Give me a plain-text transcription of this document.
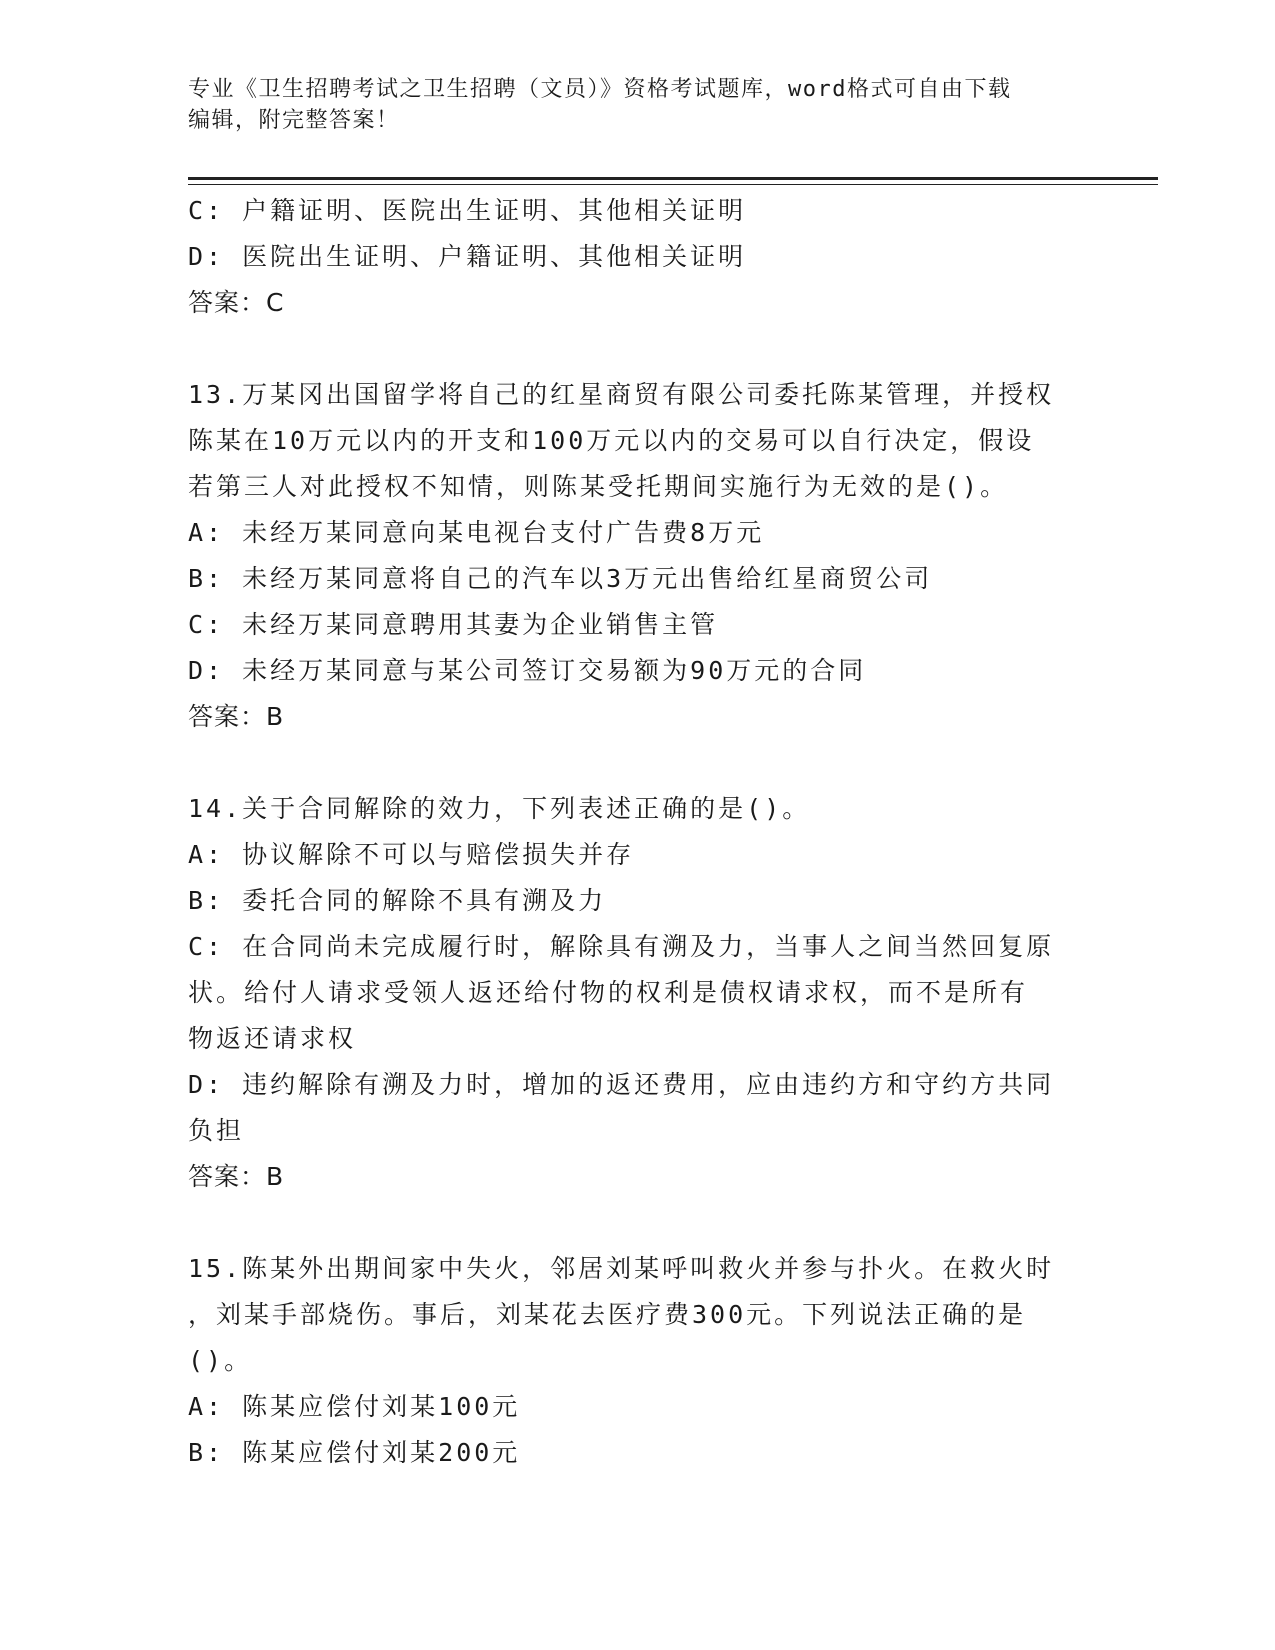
专业《卫生招聘考试之卫生招聘（文员）》资格考试题库，word格式可自由下载
编辑，附完整答案！
C: 户籍证明、医院出生证明、其他相关证明
D: 医院出生证明、户籍证明、其他相关证明
答案：C
13.万某冈出国留学将自己的红星商贸有限公司委托陈某管理，并授权
陈某在10万元以内的开支和100万元以内的交易可以自行决定，假设
若第三人对此授权不知情，则陈某受托期间实施行为无效的是()。
A: 未经万某同意向某电视台支付广告费8万元
B: 未经万某同意将自己的汽车以3万元出售给红星商贸公司
C: 未经万某同意聘用其妻为企业销售主管
D: 未经万某同意与某公司签订交易额为90万元的合同
答案：B
14.关于合同解除的效力，下列表述正确的是()。
A: 协议解除不可以与赔偿损失并存
B: 委托合同的解除不具有溯及力
C: 在合同尚未完成履行时，解除具有溯及力，当事人之间当然回复原
状。给付人请求受领人返还给付物的权利是债权请求权，而不是所有
物返还请求权
D: 违约解除有溯及力时，增加的返还费用，应由违约方和守约方共同
负担
答案：B
15.陈某外出期间家中失火，邻居刘某呼叫救火并参与扑火。在救火时
，刘某手部烧伤。事后，刘某花去医疗费300元。下列说法正确的是
()。
A: 陈某应偿付刘某100元
B: 陈某应偿付刘某200元
